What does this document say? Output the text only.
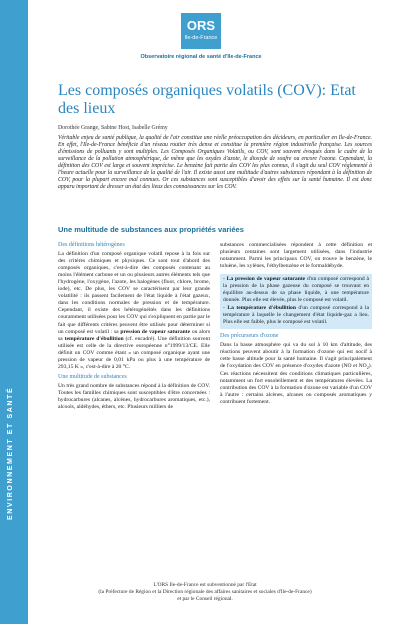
ENVIRONNEMENT ET SANTÉ
ORS
Ile-de-France
Observatoire régional de santé d'Ile-de-France
Les composés organiques volatils (COV): Etat des lieux
Dorothée Grange, Sabine Host, Isabelle Grémy

Véritable enjeu de santé publique, la qualité de l'air constitue une réelle préoccupation des décideurs, en particulier en Ile-de-France. En effet, l'Ile-de-France bénéficie d'un réseau routier très dense et constitue la première région industrielle française. Les sources d'émissions de polluants y sont multiples. Les Composés Organiques Volatils, ou COV, sont souvent évoqués dans le cadre de la surveillance de la pollution atmosphérique, de même que les oxydes d'azote, le dioxyde de soufre ou encore l'ozone. Cependant, la définition des COV est large et souvent imprécise. Le benzène fait partie des COV les plus connus, il s'agit du seul COV réglementé à l'heure actuelle pour la surveillance de la qualité de l'air. Il existe aussi une multitude d'autres substances répondant à la définition de COV, pour la plupart encore mal connues. Or ces substances sont susceptibles d'avoir des effets sur la santé humaine. Il est donc apparu important de dresser un état des lieux des connaissances sur les COV.

Une multitude de substances aux propriétés variées

Des définitions hétérogènes

La définition d'un composé organique volatil repose à la fois sur des critères chimiques et physiques. Ce sont tout d'abord des composés organiques, c'est-à-dire des composés contenant au moins l'élément carbone et un ou plusieurs autres éléments tels que l'hydrogène, l'oxygène, l'azote, les halogènes (fluor, chlore, brome, iode), etc. De plus, les COV se caractérisent par leur grande volatilité : ils passent facilement de l'état liquide à l'état gazeux, dans les conditions normales de pression et de température. Cependant, il existe des hétérogénéités dans les définitions couramment utilisées pour les COV qui s'expliquent en partie par le fait que différents critères peuvent être utilisés pour déterminer si un composé est volatil : sa pression de vapeur saturante ou alors sa température d'ébullition (cf. encadré). Une définition souvent utilisée est celle de la directive européenne n°1999/13/CE. Elle définit un COV comme étant « un composé organique ayant une pression de vapeur de 0,01 kPa ou plus à une température de 293,15 K », c'est-à-dire à 20 °C.

Une multitude de substances

Un très grand nombre de substances répond à la définition de COV. Toutes les familles chimiques sont susceptibles d'être concernées : hydrocarbures (alcanes, alcènes, hydrocarbures aromatiques, etc.), alcools, aldéhydes, éthers, etc. Plusieurs milliers de

substances commercialisées répondent à cette définition et plusieurs centaines sont largement utilisées, dans l'industrie notamment. Parmi les principaux COV, on trouve le benzène, le toluène, les xylènes, l'éthylbenzène et le formaldéhyde.

- La pression de vapeur saturante d'un composé correspond à la pression de la phase gazeuse du composé se trouvant en équilibre au-dessus de sa phase liquide, à une température donnée. Plus elle est élevée, plus le composé est volatil.

- La température d'ébullition d'un composé correspond à la température à laquelle le changement d'état liquide-gaz a lieu. Plus elle est faible, plus le composé est volatil.

Des précurseurs d'ozone

Dans la basse atmosphère qui va du sol à 10 km d'altitude, des réactions peuvent aboutir à la formation d'ozone qui est nocif à cette basse altitude pour la santé humaine. Il s'agit principalement de l'oxydation des COV en présence d'oxydes d'azote (NO et $NO_2$). Ces réactions nécessitent des conditions climatiques particulières, notamment un fort ensoleillement et des températures élevées. La contribution des COV à la formation d'ozone est variable d'un COV à l'autre : certains alcènes, alcanes ou composés aromatiques y contribuent fortement.

L'ORS Ile-de-France est subventionné par l'Etat
(la Préfecture de Région et la Direction régionale des affaires sanitaires et sociales d'Ile-de-France)
et par le Conseil régional.
